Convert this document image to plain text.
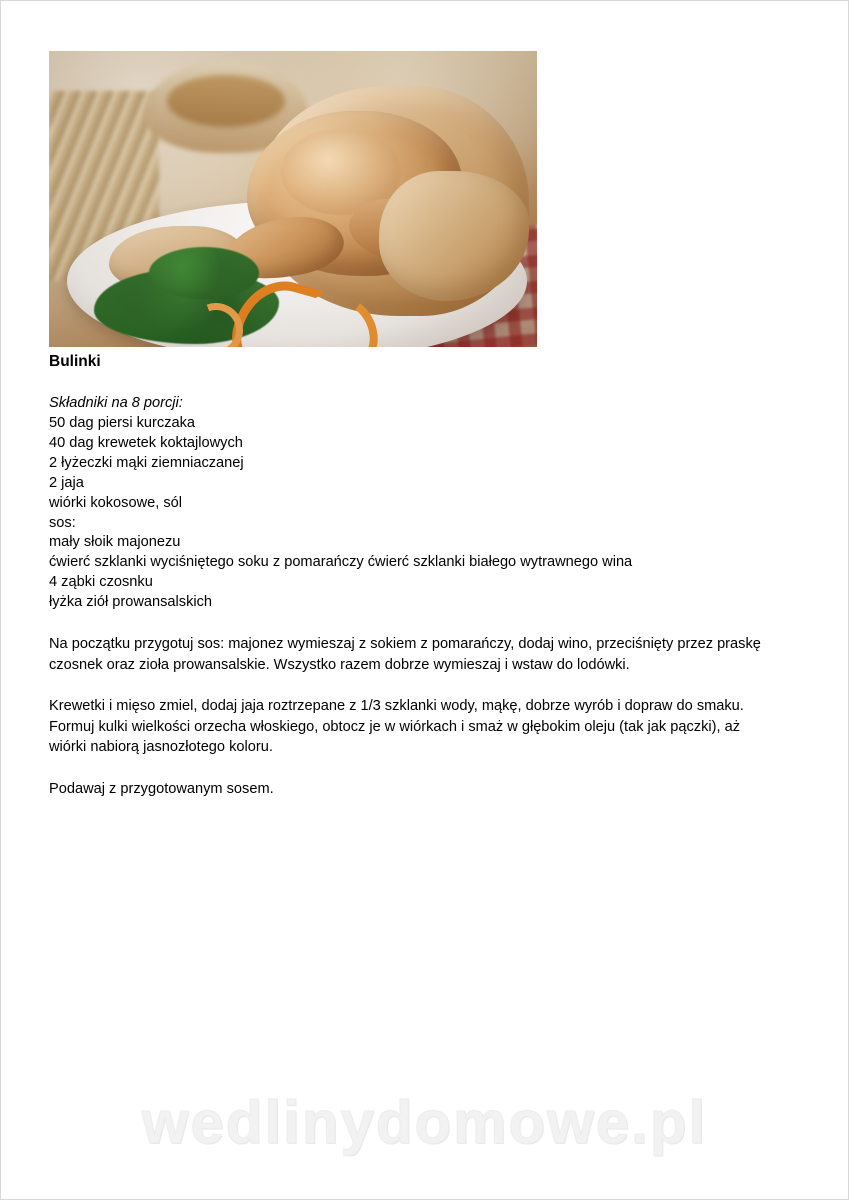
Bulinki
Składniki na 8 porcji:
50 dag piersi kurczaka
40 dag krewetek koktajlowych
2 łyżeczki mąki ziemniaczanej
2 jaja
wiórki kokosowe, sól
sos:
mały słoik majonezu
ćwierć szklanki wyciśniętego soku z pomarańczy ćwierć szklanki białego wytrawnego wina
4 ząbki czosnku
łyżka ziół prowansalskich

Na początku przygotuj sos: majonez wymieszaj z sokiem z pomarańczy, dodaj wino, przeciśnięty przez praskę czosnek oraz zioła prowansalskie. Wszystko razem dobrze wymieszaj i wstaw do lodówki.

Krewetki i mięso zmiel, dodaj jaja roztrzepane z 1/3 szklanki wody, mąkę, dobrze wyrób i dopraw do smaku. Formuj kulki wielkości orzecha włoskiego, obtocz je w wiórkach i smaż w głębokim oleju (tak jak pączki), aż wiórki nabiorą jasnozłotego koloru.

Podawaj z przygotowanym sosem.

wedlinydomowe.pl
